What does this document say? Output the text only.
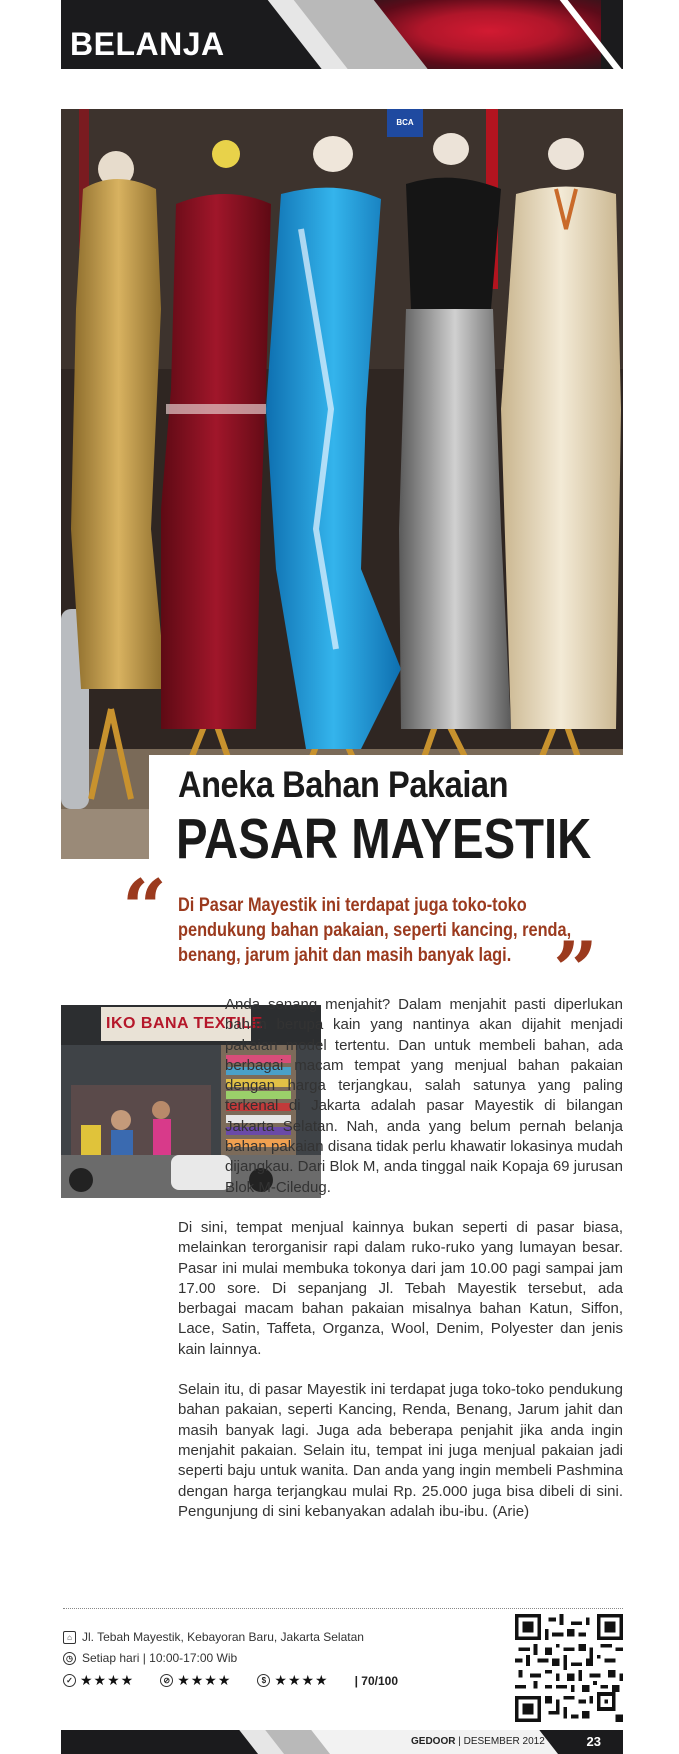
BELANJA
BCA
Aneka Bahan Pakaian
PASAR MAYESTIK
“ Di Pasar Mayestik ini terdapat juga toko-toko pendukung bahan pakaian, seperti kancing, renda, benang, jarum jahit dan masih banyak lagi. ”
IKO BANA TEXTILE

Anda senang menjahit? Dalam menjahit pasti diperlukan bahan berupa kain yang nantinya akan dijahit menjadi pakaian model tertentu. Dan untuk membeli bahan, ada berbagai macam tempat yang menjual bahan pakaian dengan harga terjangkau, salah satunya yang paling terkenal di Jakarta adalah pasar Mayestik di bilangan Jakarta Selatan. Nah, anda yang belum pernah belanja bahan pakaian disana tidak perlu khawatir lokasinya mudah dijangkau. Dari Blok M, anda tinggal naik Kopaja 69 jurusan Blok M-Ciledug.

Di sini, tempat menjual kainnya bukan seperti di pasar biasa, melainkan terorganisir rapi dalam ruko-ruko yang lumayan besar. Pasar ini mulai membuka tokonya dari jam 10.00 pagi sampai jam 17.00 sore. Di sepanjang Jl. Tebah Mayestik tersebut, ada berbagai macam bahan pakaian misalnya bahan Katun, Siffon, Lace, Satin, Taffeta, Organza, Wool, Denim, Polyester dan jenis kain lainnya.

Selain itu, di pasar Mayestik ini terdapat juga toko-toko pendukung bahan pakaian, seperti Kancing, Renda, Benang, Jarum jahit dan masih banyak lagi. Juga ada beberapa penjahit jika anda ingin menjahit pakaian. Selain itu, tempat ini juga menjual pakaian jadi seperti baju untuk wanita. Dan anda yang ingin membeli Pashmina dengan harga terjangkau mulai Rp. 25.000 juga bisa dibeli di sini. Pengunjung di sini kebanyakan adalah ibu-ibu. (Arie)

⌂ Jl. Tebah Mayestik, Kebayoran Baru, Jakarta Selatan
◷ Setiap hari | 10:00-17:00 Wib
✓ ★★★★	⊘ ★★★★	$ ★★★★ | 70/100
GEDOOR | DESEMBER 2012	23
